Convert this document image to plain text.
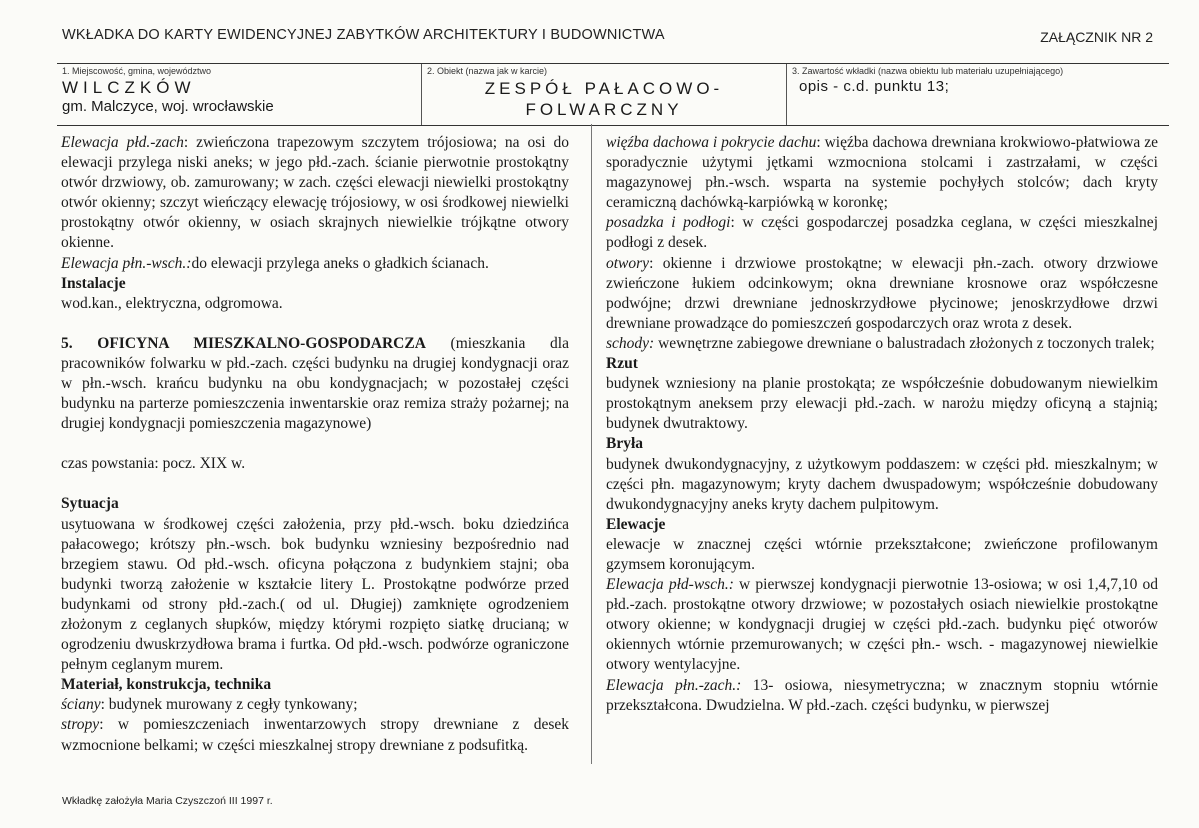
WKŁADKA DO KARTY EWIDENCYJNEJ ZABYTKÓW ARCHITEKTURY I BUDOWNICTWA	ZAŁĄCZNIK NR 2
1. Miejscowość, gmina, województwo
WILCZKÓW
gm. Malczyce, woj. wrocławskie
2. Obiekt (nazwa jak w karcie)
ZESPÓŁ PAŁACOWO-
FOLWARCZNY
3. Zawartość wkładki (nazwa obiektu lub materiału uzupełniającego)
opis - c.d. punktu 13;

Elewacja płd.-zach: zwieńczona trapezowym szczytem trójosiowa; na osi do elewacji przylega niski aneks; w jego płd.-zach. ścianie pierwotnie prostokątny otwór drzwiowy, ob. zamurowany; w zach. części elewacji niewielki prostokątny otwór okienny; szczyt wieńczący elewację trójosiowy, w osi środkowej niewielki prostokątny otwór okienny, w osiach skrajnych niewielkie trójkątne otwory okienne.

Elewacja płn.-wsch.:do elewacji przylega aneks o gładkich ścianach.

Instalacje

wod.kan., elektryczna, odgromowa.

5. OFICYNA MIESZKALNO-GOSPODARCZA (mieszkania dla pracowników folwarku w płd.-zach. części budynku na drugiej kondygnacji oraz w płn.-wsch. krańcu budynku na obu kondygnacjach; w pozostałej części budynku na parterze pomieszczenia inwentarskie oraz remiza straży pożarnej; na drugiej kondygnacji pomieszczenia magazynowe)

czas powstania: pocz. XIX w.

Sytuacja

usytuowana w środkowej części założenia, przy płd.-wsch. boku dziedzińca pałacowego; krótszy płn.-wsch. bok budynku wzniesiny bezpośrednio nad brzegiem stawu. Od płd.-wsch. oficyna połączona z budynkiem stajni; oba budynki tworzą założenie w kształcie litery L. Prostokątne podwórze przed budynkami od strony płd.-zach.( od ul. Długiej) zamknięte ogrodzeniem złożonym z ceglanych słupków, między którymi rozpięto siatkę drucianą; w ogrodzeniu dwuskrzydłowa brama i furtka. Od płd.-wsch. podwórze ograniczone pełnym ceglanym murem.

Materiał, konstrukcja, technika

ściany: budynek murowany z cegły tynkowany;

stropy: w pomieszczeniach inwentarzowych stropy drewniane z desek wzmocnione belkami; w części mieszkalnej stropy drewniane z podsufitką.

więźba dachowa i pokrycie dachu: więźba dachowa drewniana krokwiowo-płatwiowa ze sporadycznie użytymi jętkami wzmocniona stolcami i zastrzałami, w części magazynowej płn.-wsch. wsparta na systemie pochyłych stolców; dach kryty ceramiczną dachówką-karpiówką w koronkę;

posadzka i podłogi: w części gospodarczej posadzka ceglana, w części mieszkalnej podłogi z desek.

otwory: okienne i drzwiowe prostokątne; w elewacji płn.-zach. otwory drzwiowe zwieńczone łukiem odcinkowym; okna drewniane krosnowe oraz współczesne podwójne; drzwi drewniane jednoskrzydłowe płycinowe; jenoskrzydłowe drzwi drewniane prowadzące do pomieszczeń gospodarczych oraz wrota z desek.

schody: wewnętrzne zabiegowe drewniane o balustradach złożonych z toczonych tralek;

Rzut

budynek wzniesiony na planie prostokąta; ze współcześnie dobudowanym niewielkim prostokątnym aneksem przy elewacji płd.-zach. w narożu między oficyną a stajnią; budynek dwutraktowy.

Bryła

budynek dwukondygnacyjny, z użytkowym poddaszem: w części płd. mieszkalnym; w części płn. magazynowym; kryty dachem dwuspadowym; współcześnie dobudowany dwukondygnacyjny aneks kryty dachem pulpitowym.

Elewacje

elewacje w znacznej części wtórnie przekształcone; zwieńczone profilowanym gzymsem koronującym.

Elewacja płd-wsch.: w pierwszej kondygnacji pierwotnie 13-osiowa; w osi 1,4,7,10 od płd.-zach. prostokątne otwory drzwiowe; w pozostałych osiach niewielkie prostokątne otwory okienne; w kondygnacji drugiej w części płd.-zach. budynku pięć otworów okiennych wtórnie przemurowanych; w części płn.- wsch. - magazynowej niewielkie otwory wentylacyjne.

Elewacja płn.-zach.: 13- osiowa, niesymetryczna; w znacznym stopniu wtórnie przekształcona. Dwudzielna. W płd.-zach. części budynku, w pierwszej

Wkładkę założyła Maria Czyszczoń III 1997 r.
